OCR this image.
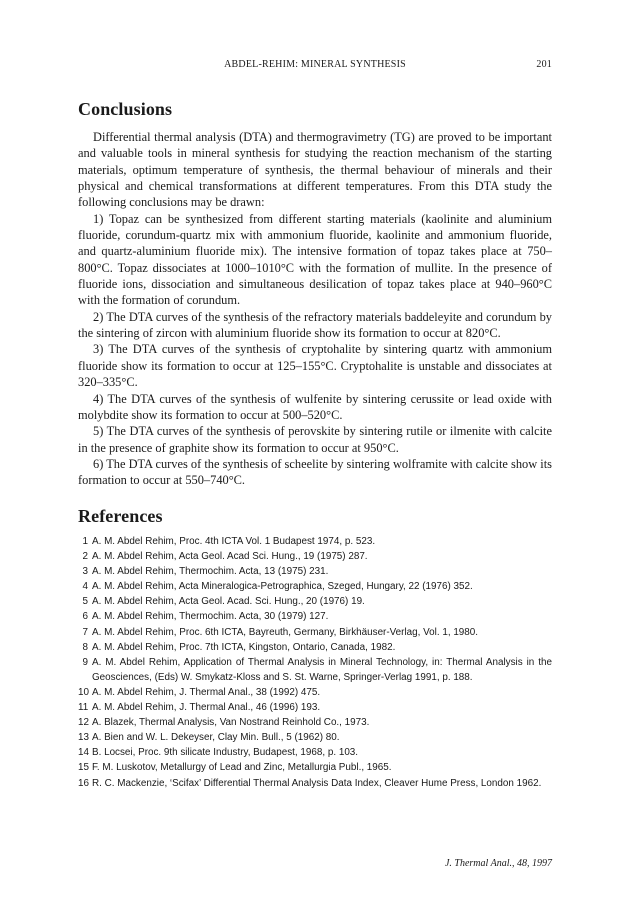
ABDEL-REHIM: MINERAL SYNTHESIS	201
Conclusions

Differential thermal analysis (DTA) and thermogravimetry (TG) are proved to be important and valuable tools in mineral synthesis for studying the reaction mechanism of the starting materials, optimum temperature of synthesis, the thermal behaviour of minerals and their physical and chemical transformations at different temperatures. From this DTA study the following conclusions may be drawn:

1) Topaz can be synthesized from different starting materials (kaolinite and aluminium fluoride, corundum-quartz mix with ammonium fluoride, kaolinite and ammonium fluoride, and quartz-aluminium fluoride mix). The intensive formation of topaz takes place at 750–800°C. Topaz dissociates at 1000–1010°C with the formation of mullite. In the presence of fluoride ions, dissociation and simultaneous desilication of topaz takes place at 940–960°C with the formation of corundum.

2) The DTA curves of the synthesis of the refractory materials baddeleyite and corundum by the sintering of zircon with aluminium fluoride show its formation to occur at 820°C.

3) The DTA curves of the synthesis of cryptohalite by sintering quartz with ammonium fluoride show its formation to occur at 125–155°C. Cryptohalite is unstable and dissociates at 320–335°C.

4) The DTA curves of the synthesis of wulfenite by sintering cerussite or lead oxide with molybdite show its formation to occur at 500–520°C.

5) The DTA curves of the synthesis of perovskite by sintering rutile or ilmenite with calcite in the presence of graphite show its formation to occur at 950°C.

6) The DTA curves of the synthesis of scheelite by sintering wolframite with calcite show its formation to occur at 550–740°C.

References
1 A. M. Abdel Rehim, Proc. 4th ICTA Vol. 1 Budapest 1974, p. 523.
2 A. M. Abdel Rehim, Acta Geol. Acad Sci. Hung., 19 (1975) 287.
3 A. M. Abdel Rehim, Thermochim. Acta, 13 (1975) 231.
4 A. M. Abdel Rehim, Acta Mineralogica-Petrographica, Szeged, Hungary, 22 (1976) 352.
5 A. M. Abdel Rehim, Acta Geol. Acad. Sci. Hung., 20 (1976) 19.
6 A. M. Abdel Rehim, Thermochim. Acta, 30 (1979) 127.
7 A. M. Abdel Rehim, Proc. 6th ICTA, Bayreuth, Germany, Birkhäuser-Verlag, Vol. 1, 1980.
8 A. M. Abdel Rehim, Proc. 7th ICTA, Kingston, Ontario, Canada, 1982.
9 A. M. Abdel Rehim, Application of Thermal Analysis in Mineral Technology, in: Thermal Analysis in the Geosciences, (Eds) W. Smykatz-Kloss and S. St. Warne, Springer-Verlag 1991, p. 188.
10 A. M. Abdel Rehim, J. Thermal Anal., 38 (1992) 475.
11 A. M. Abdel Rehim, J. Thermal Anal., 46 (1996) 193.
12 A. Blazek, Thermal Analysis, Van Nostrand Reinhold Co., 1973.
13 A. Bien and W. L. Dekeyser, Clay Min. Bull., 5 (1962) 80.
14 B. Locsei, Proc. 9th silicate Industry, Budapest, 1968, p. 103.
15 F. M. Luskotov, Metallurgy of Lead and Zinc, Metallurgia Publ., 1965.
16 R. C. Mackenzie, ‘Scifax’ Differential Thermal Analysis Data Index, Cleaver Hume Press, London 1962.
J. Thermal Anal., 48, 1997
